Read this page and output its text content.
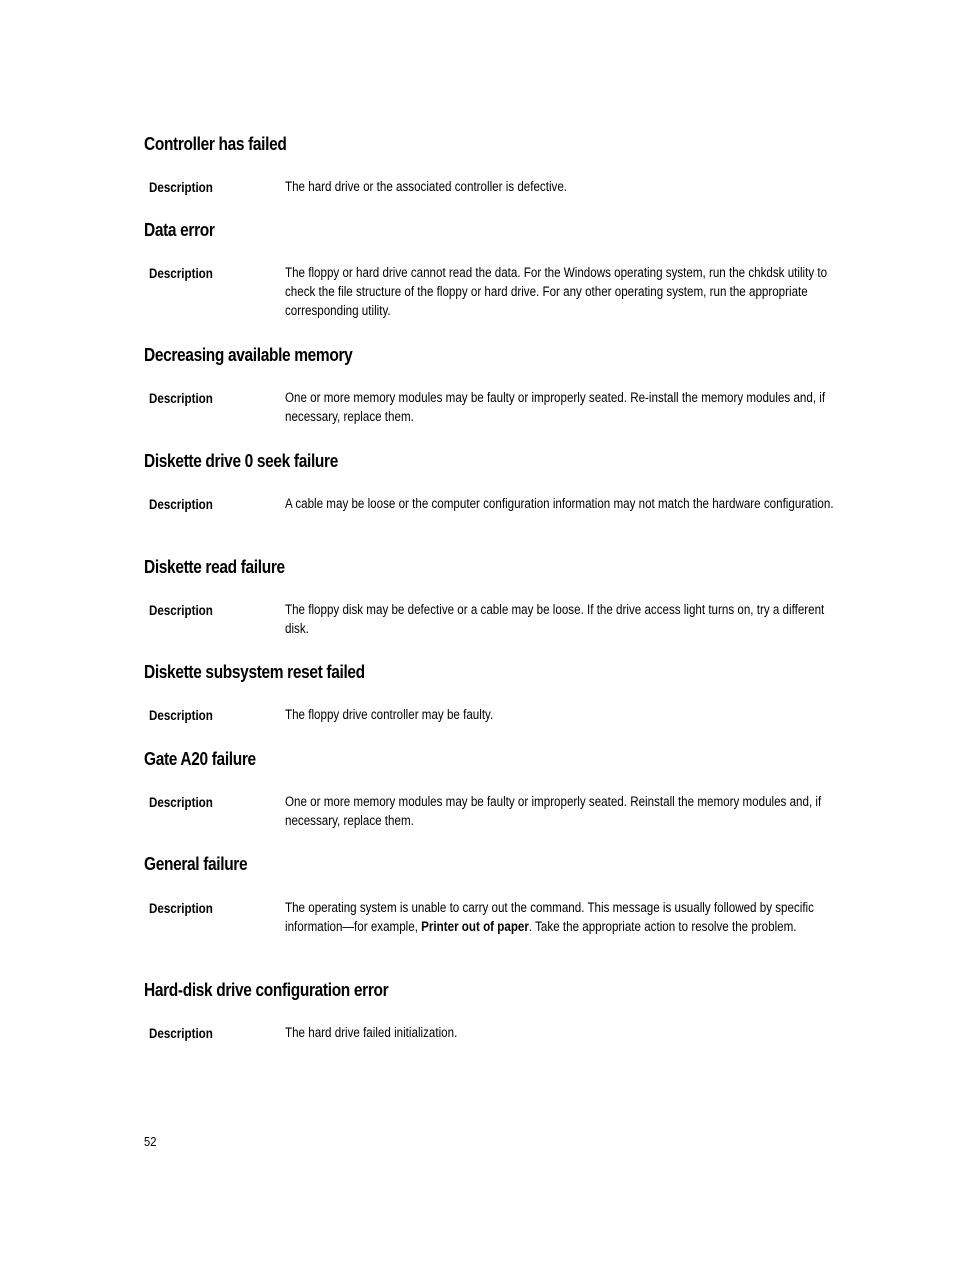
Controller has failed
Description	The hard drive or the associated controller is defective.
Data error
Description	The floppy or hard drive cannot read the data. For the Windows operating system, run the chkdsk utility to check the file structure of the floppy or hard drive. For any other operating system, run the appropriate corresponding utility.
Decreasing available memory
Description	One or more memory modules may be faulty or improperly seated. Re-install the memory modules and, if necessary, replace them.
Diskette drive 0 seek failure
Description	A cable may be loose or the computer configuration information may not match the hardware configuration.
Diskette read failure
Description	The floppy disk may be defective or a cable may be loose. If the drive access light turns on, try a different disk.
Diskette subsystem reset failed
Description	The floppy drive controller may be faulty.
Gate A20 failure
Description	One or more memory modules may be faulty or improperly seated. Reinstall the memory modules and, if necessary, replace them.
General failure
Description	The operating system is unable to carry out the command. This message is usually followed by specific information—for example, Printer out of paper. Take the appropriate action to resolve the problem.
Hard-disk drive configuration error
Description	The hard drive failed initialization.
52
